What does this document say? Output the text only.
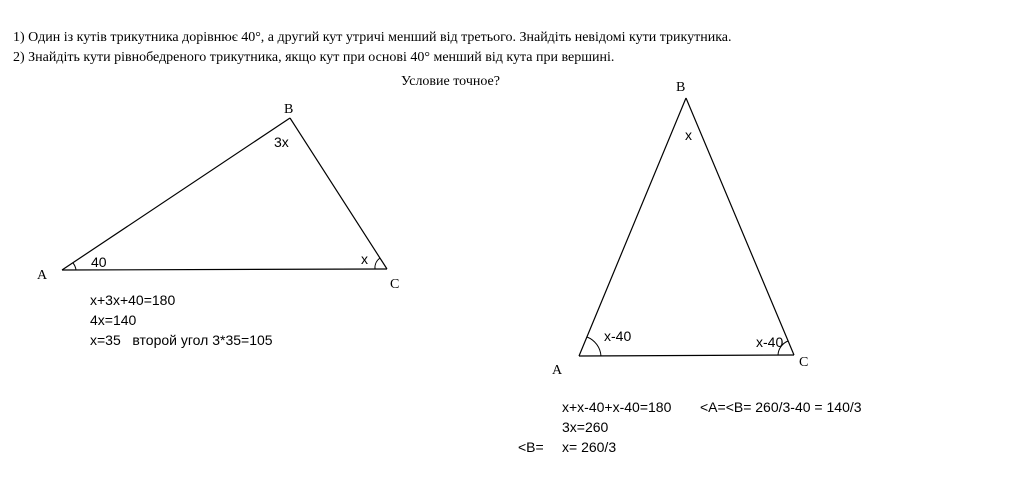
1) Один із кутів трикутника дорівнює 40°, а другий кут утричі менший від третього. Знайдіть невідомі кути трикутника.
2) Знайдіть кути рівнобедреного трикутника, якщо кут при основі 40° менший від кута при вершині.
Условие точное?
A
B
C
40
3x
x
x+3x+40=180
4x=140
x=35   второй угол 3*35=105
A
B
C
x-40
x
x-40
x+x-40+x-40=180 <A=<B= 260/3-40 = 140/3
3x=260
<B= x= 260/3
